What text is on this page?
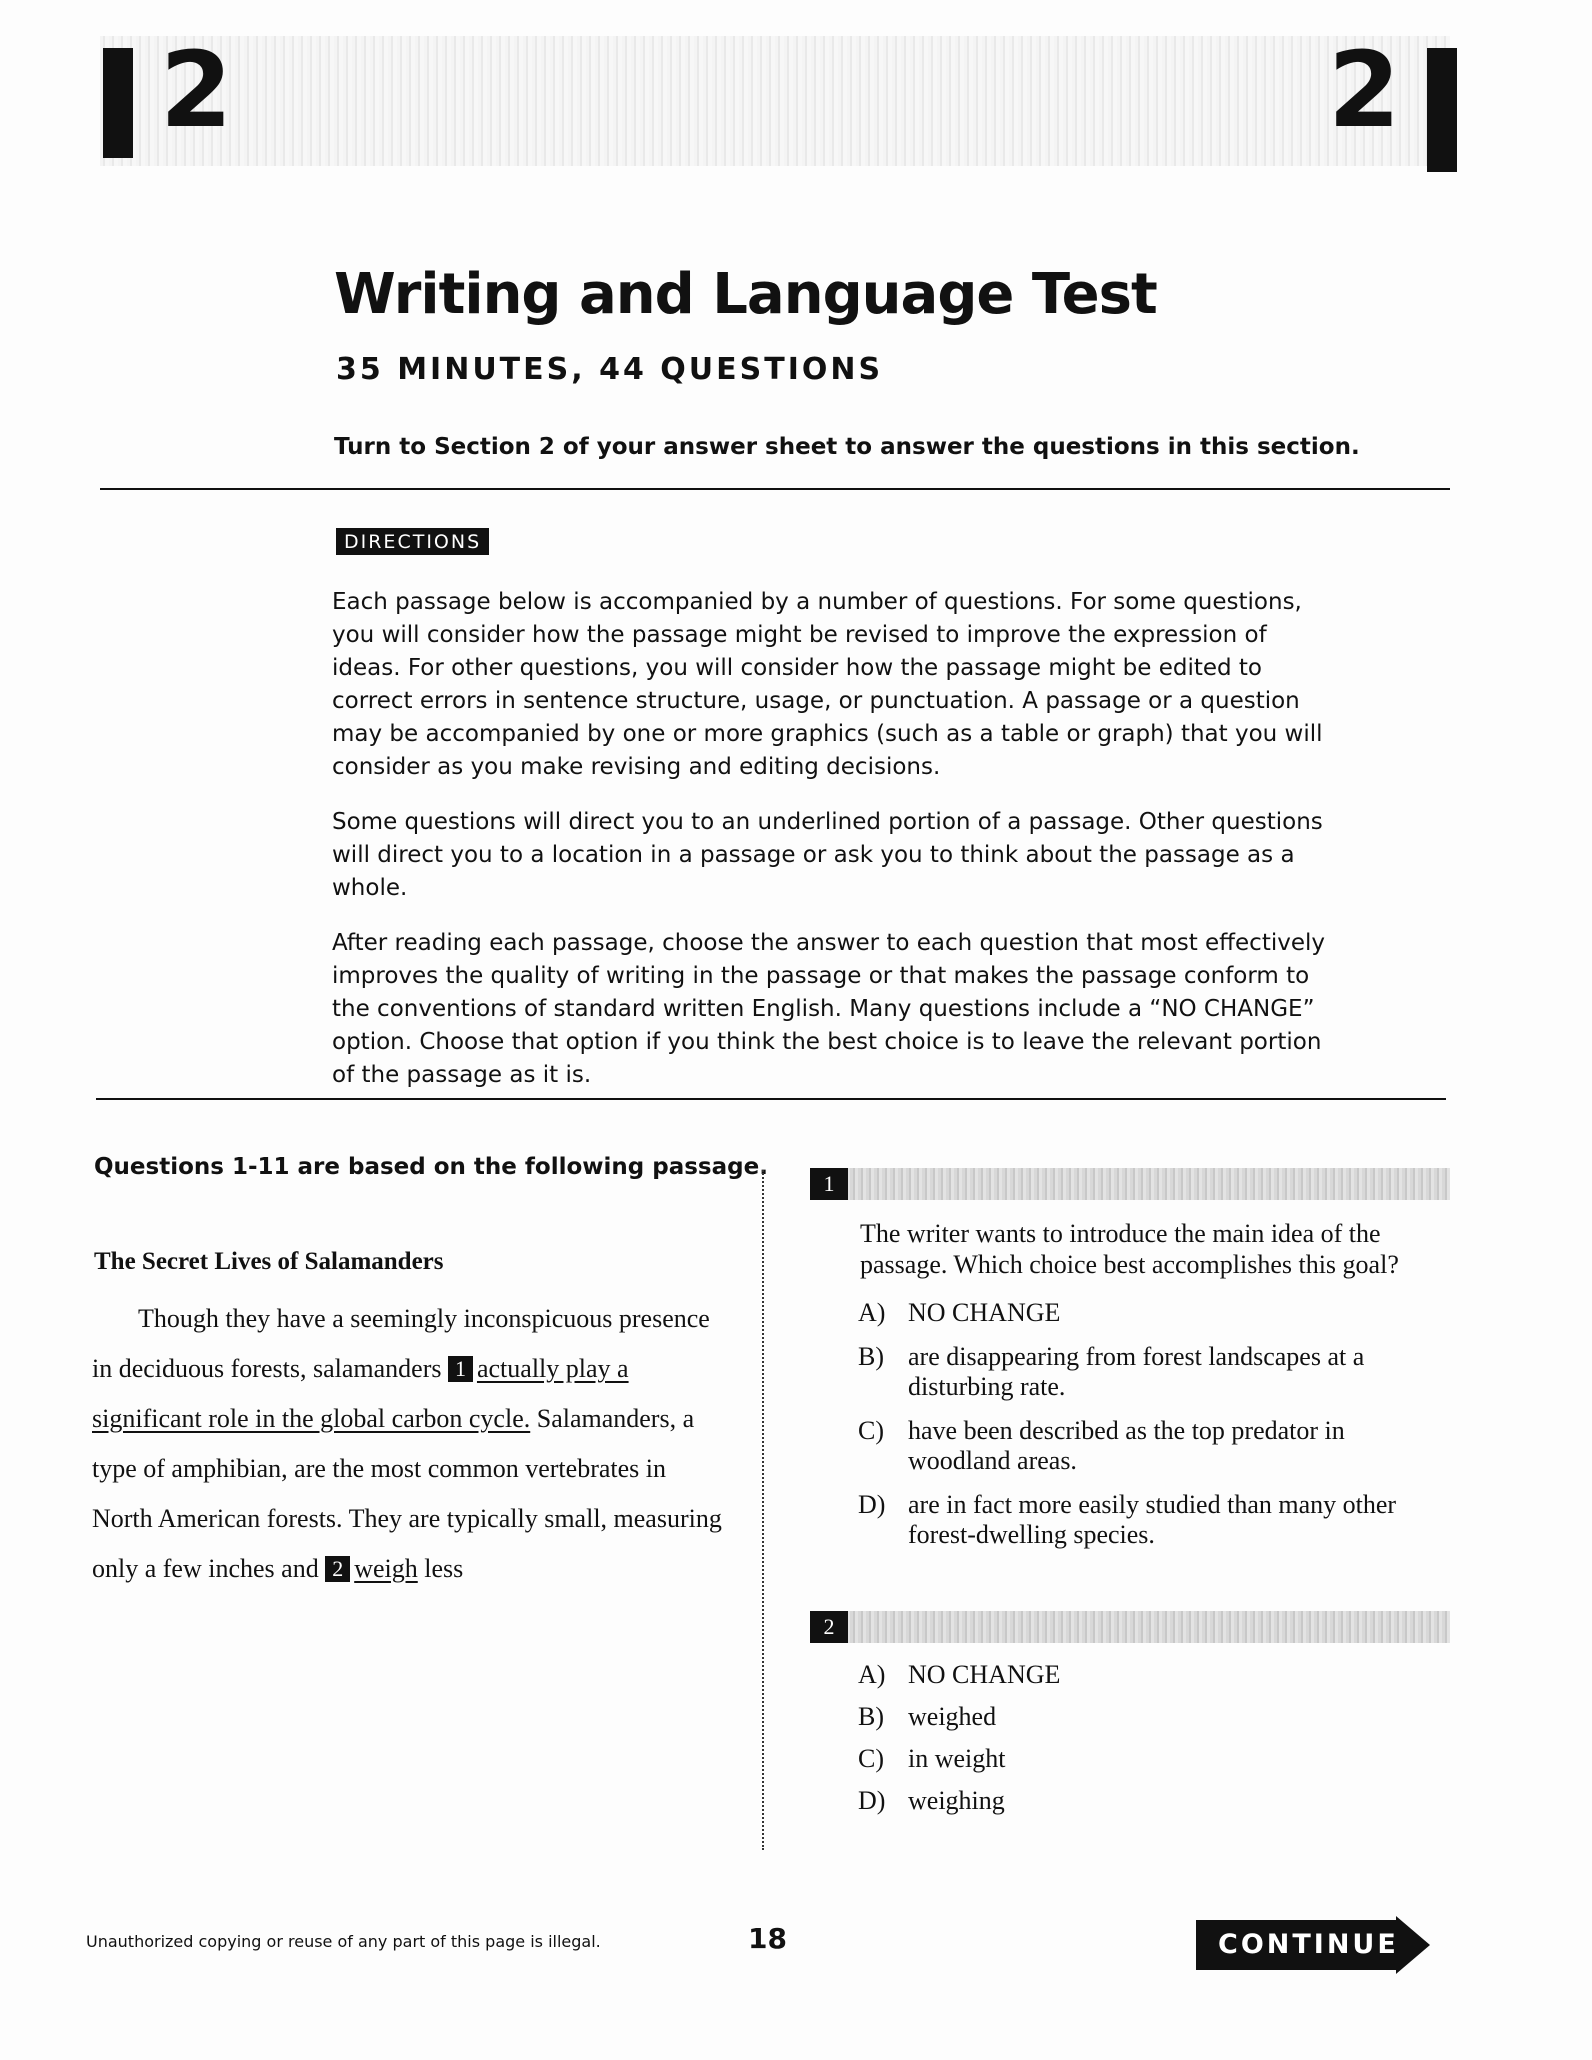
2	2
Writing and Language Test
35 MINUTES, 44 QUESTIONS
Turn to Section 2 of your answer sheet to answer the questions in this section.
DIRECTIONS

Each passage below is accompanied by a number of questions. For some questions, you will consider how the passage might be revised to improve the expression of ideas. For other questions, you will consider how the passage might be edited to correct errors in sentence structure, usage, or punctuation. A passage or a question may be accompanied by one or more graphics (such as a table or graph) that you will consider as you make revising and editing decisions.

Some questions will direct you to an underlined portion of a passage. Other questions will direct you to a location in a passage or ask you to think about the passage as a whole.

After reading each passage, choose the answer to each question that most effectively improves the quality of writing in the passage or that makes the passage conform to the conventions of standard written English. Many questions include a “NO CHANGE” option. Choose that option if you think the best choice is to leave the relevant portion of the passage as it is.

Questions 1-11 are based on the following passage.
The Secret Lives of Salamanders

Though they have a seemingly inconspicuous presence in deciduous forests, salamanders 1 actually play a significant role in the global carbon cycle. Salamanders, a type of amphibian, are the most common vertebrates in North American forests. They are typically small, measuring only a few inches and 2 weigh less

1
The writer wants to introduce the main idea of the passage. Which choice best accomplishes this goal?
A) NO CHANGE
B) are disappearing from forest landscapes at a disturbing rate.
C) have been described as the top predator in woodland areas.
D) are in fact more easily studied than many other forest-dwelling species.
2
A) NO CHANGE
B) weighed
C) in weight
D) weighing
Unauthorized copying or reuse of any part of this page is illegal.	18	CONTINUE
